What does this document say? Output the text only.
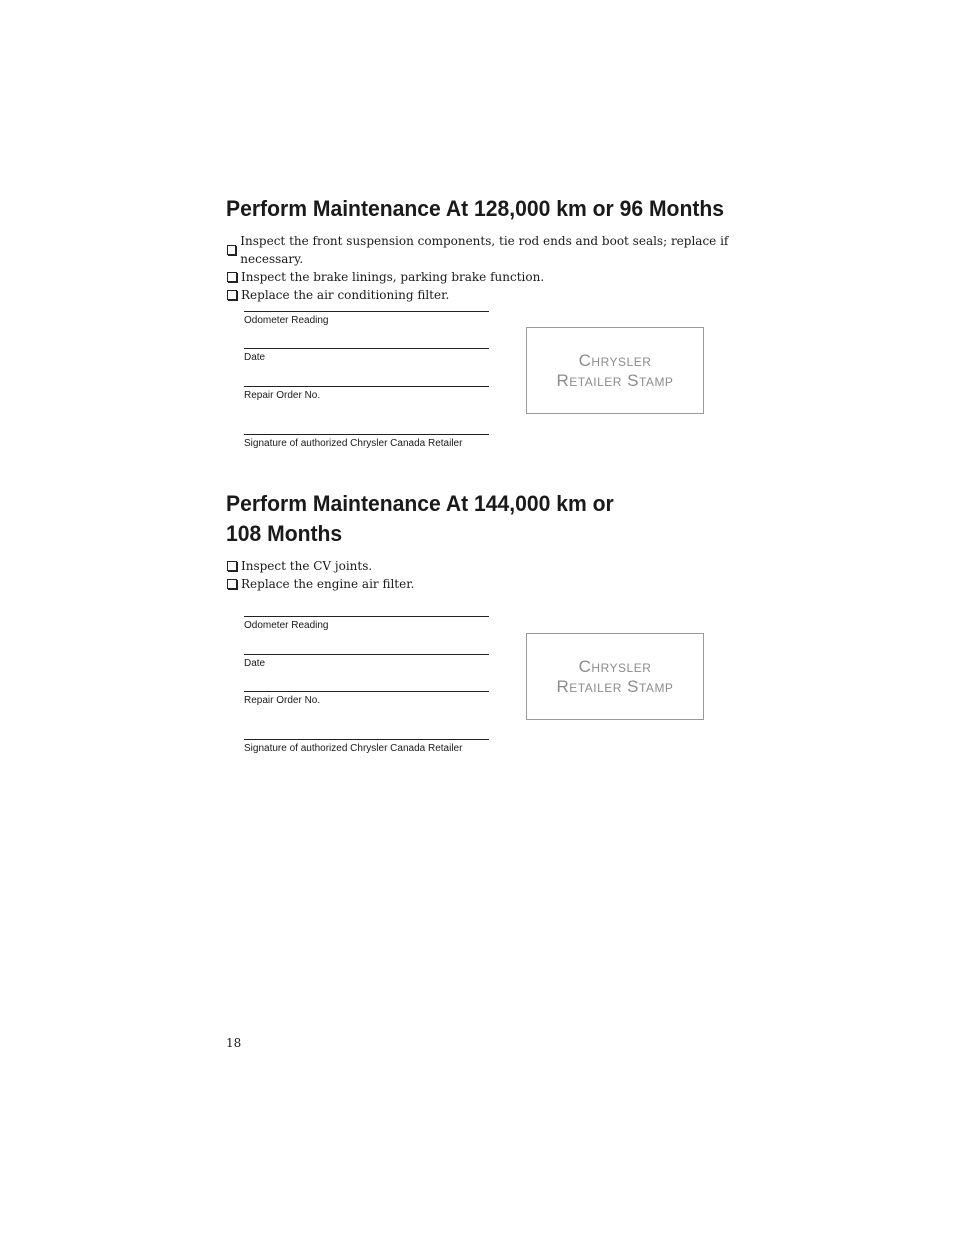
Perform Maintenance At 128,000 km or 96 Months
Inspect the front suspension components, tie rod ends and boot seals; replace if necessary.
Inspect the brake linings, parking brake function.
Replace the air conditioning filter.
Odometer Reading
Date
Repair Order No.
Signature of authorized Chrysler Canada Retailer
Chrysler
Retailer Stamp
Perform Maintenance At 144,000 km or
108 Months
Inspect the CV joints.
Replace the engine air filter.
Odometer Reading
Date
Repair Order No.
Signature of authorized Chrysler Canada Retailer
Chrysler
Retailer Stamp
18
